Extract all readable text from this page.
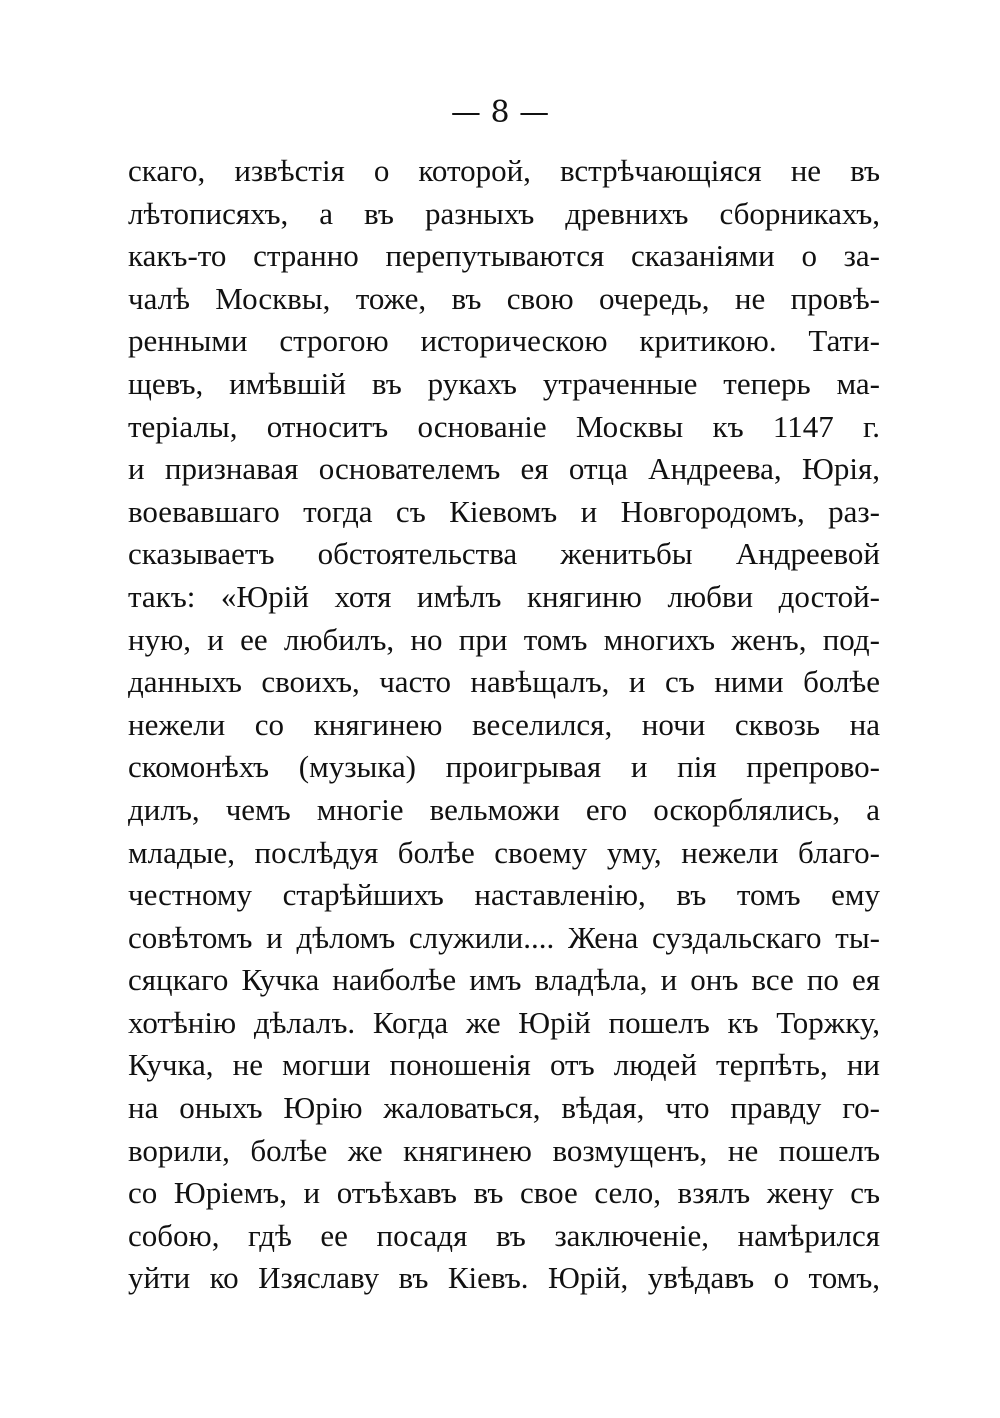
— 8 —
скаго, извѣстія о которой, встрѣчающіяся не въ
лѣтописяхъ, а въ разныхъ древнихъ сборникахъ,
какъ-то странно перепутываются сказаніями о за-
чалѣ Москвы, тоже, въ свою очередь, не провѣ-
ренными строгою историческою критикою. Тати-
щевъ, имѣвшій въ рукахъ утраченные теперь ма-
теріалы, относитъ основаніе Москвы къ 1147 г.
и признавая основателемъ ея отца Андреева, Юрія,
воевавшаго тогда съ Кіевомъ и Новгородомъ, раз-
сказываетъ обстоятельства женитьбы Андреевой
такъ: «Юрій хотя имѣлъ княгиню любви достой-
ную, и ее любилъ, но при томъ многихъ женъ, под-
данныхъ своихъ, часто навѣщалъ, и съ ними болѣе
нежели со княгинею веселился, ночи сквозь на
скомонѣхъ (музыка) проигрывая и пія препрово-
дилъ, чемъ многіе вельможи его оскорблялись, а
младые, послѣдуя болѣе своему уму, нежели благо-
честному старѣйшихъ наставленію, въ томъ ему
совѣтомъ и дѣломъ служили.... Жена суздальскаго ты-
сяцкаго Кучка наиболѣе имъ владѣла, и онъ все по ея
хотѣнію дѣлалъ. Когда же Юрій пошелъ къ Торжку,
Кучка, не могши поношенія отъ людей терпѣть, ни
на оныхъ Юрію жаловаться, вѣдая, что правду го-
ворили, болѣе же княгинею возмущенъ, не пошелъ
со Юріемъ, и отъѣхавъ въ свое село, взялъ жену съ
собою, гдѣ ее посадя въ заключеніе, намѣрился
уйти ко Изяславу въ Кіевъ. Юрій, увѣдавъ о томъ,
